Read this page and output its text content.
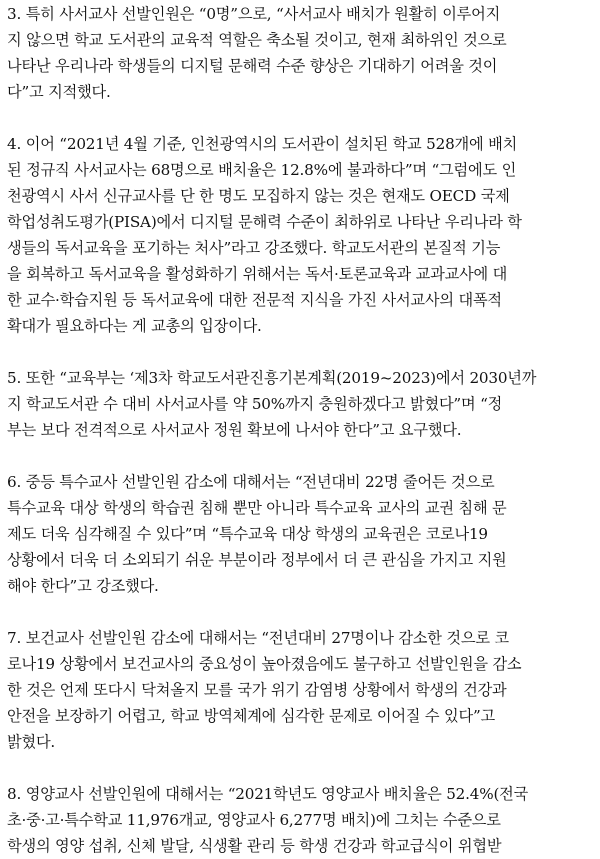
3. 특히 사서교사 선발인원은 “0명”으로, “사서교사 배치가 원활히 이루어지
지 않으면 학교 도서관의 교육적 역할은 축소될 것이고, 현재 최하위인 것으로
나타난 우리나라 학생들의 디지털 문해력 수준 향상은 기대하기 어려울 것이
다”고 지적했다.
4. 이어 “2021년 4월 기준, 인천광역시의 도서관이 설치된 학교 528개에 배치
된 정규직 사서교사는 68명으로 배치율은 12.8%에 불과하다”며 “그럼에도 인
천광역시 사서 신규교사를 단 한 명도 모집하지 않는 것은 현재도 OECD 국제
학업성취도평가(PISA)에서 디지털 문해력 수준이 최하위로 나타난 우리나라 학
생들의 독서교육을 포기하는 처사”라고 강조했다. 학교도서관의 본질적 기능
을 회복하고 독서교육을 활성화하기 위해서는 독서·토론교육과 교과교사에 대
한 교수·학습지원 등 독서교육에 대한 전문적 지식을 가진 사서교사의 대폭적
확대가 필요하다는 게 교총의 입장이다.
5. 또한 “교육부는 ‘제3차 학교도서관진흥기본계획(2019~2023)에서 2030년까
지 학교도서관 수 대비 사서교사를 약 50%까지 충원하겠다고 밝혔다”며 “정
부는 보다 전격적으로 사서교사 정원 확보에 나서야 한다”고 요구했다.
6. 중등 특수교사 선발인원 감소에 대해서는 “전년대비 22명 줄어든 것으로
특수교육 대상 학생의 학습권 침해 뿐만 아니라 특수교육 교사의 교권 침해 문
제도 더욱 심각해질 수 있다”며 “특수교육 대상 학생의 교육권은 코로나19
상황에서 더욱 더 소외되기 쉬운 부분이라 정부에서 더 큰 관심을 가지고 지원
해야 한다”고 강조했다.
7. 보건교사 선발인원 감소에 대해서는 “전년대비 27명이나 감소한 것으로 코
로나19 상황에서 보건교사의 중요성이 높아졌음에도 불구하고 선발인원을 감소
한 것은 언제 또다시 닥쳐올지 모를 국가 위기 감염병 상황에서 학생의 건강과
안전을 보장하기 어렵고, 학교 방역체계에 심각한 문제로 이어질 수 있다”고
밝혔다.
8. 영양교사 선발인원에 대해서는 “2021학년도 영양교사 배치율은 52.4%(전국
초·중·고·특수학교 11,976개교, 영양교사 6,277명 배치)에 그치는 수준으로
학생의 영양 섭취, 신체 발달, 식생활 관리 등 학생 건강과 학교급식이 위협받
